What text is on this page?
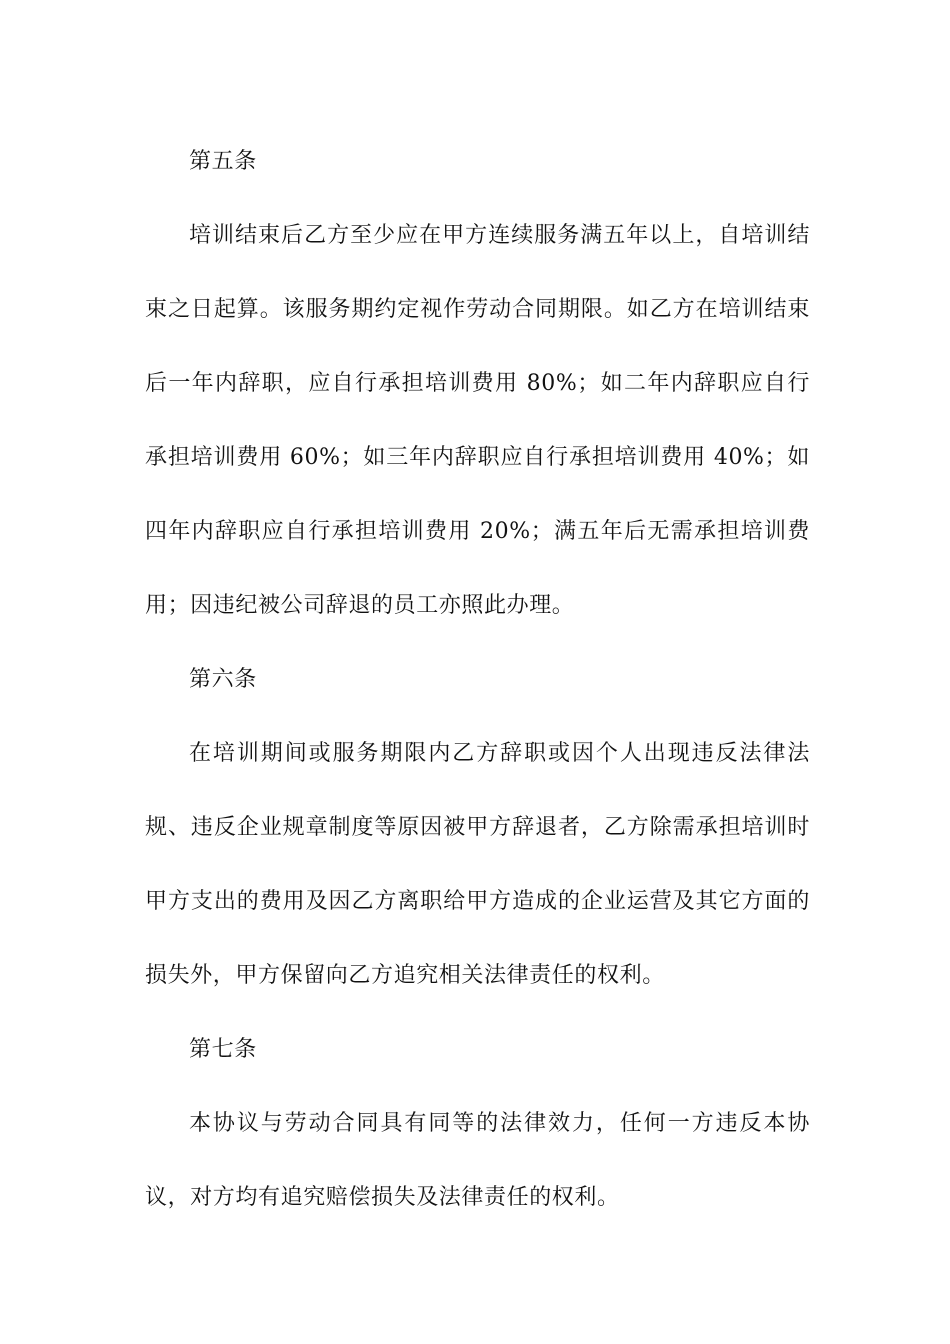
第五条

培训结束后乙方至少应在甲方连续服务满五年以上，自培训结束之日起算。该服务期约定视作劳动合同期限。如乙方在培训结束后一年内辞职，应自行承担培训费用 80%；如二年内辞职应自行承担培训费用 60%；如三年内辞职应自行承担培训费用 40%；如四年内辞职应自行承担培训费用 20%；满五年后无需承担培训费用；因违纪被公司辞退的员工亦照此办理。

第六条

在培训期间或服务期限内乙方辞职或因个人出现违反法律法规、违反企业规章制度等原因被甲方辞退者，乙方除需承担培训时甲方支出的费用及因乙方离职给甲方造成的企业运营及其它方面的损失外，甲方保留向乙方追究相关法律责任的权利。

第七条

本协议与劳动合同具有同等的法律效力，任何一方违反本协议，对方均有追究赔偿损失及法律责任的权利。
